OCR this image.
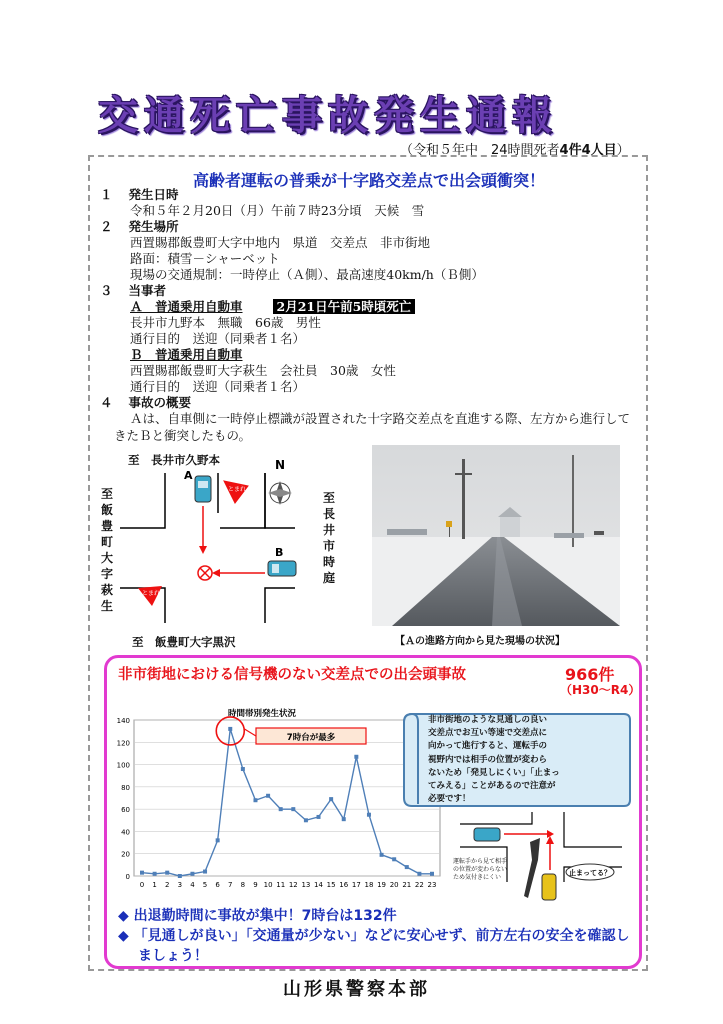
交通死亡事故発生通報
（令和５年中　24時間死者4件4人目）
高齢者運転の普乗が十字路交差点で出会頭衝突！
１ 発生日時
令和５年２月20日（月）午前７時23分頃　天候　雪
２ 発生場所
西置賜郡飯豊町大字中地内　県道　交差点　非市街地
路面：積雪－シャーベット
現場の交通規制：一時停止（Ａ側）、最高速度40km/h（Ｂ側）
３ 当事者
Ａ　普通乗用自動車	2月21日午前5時頃死亡
長井市九野本　無職　66歳　男性
通行目的　送迎（同乗者１名）
Ｂ　普通乗用自動車
西置賜郡飯豊町大字萩生　会社員　30歳　女性
通行目的　送迎（同乗者１名）
４ 事故の概要
Ａは、自車側に一時停止標識が設置された十字路交差点を直進する際、左方から進行してきたＢと衝突したもの。
とまれ
とまれ
N
A
B
至　長井市久野本
至　飯豊町大字黒沢
至飯豊町大字萩生
至長井市時庭
【Ａの進路方向から見た現場の状況】
非市街地における信号機のない交差点での出会頭事故	966件
（H30～R4）
0
20
40
60
80
100
120
140
0 1 2 3 4 5 6 7 8 9 10 11 12 13 14 15 16 17 18 19 20 21 22 23
時間帯別発生状況
7時台が最多
非市街地のような見通しの良い
交差点でお互い等速で交差点に
向かって進行すると、運転手の
視野内では相手の位置が変わら
ないため「発見しにくい」「止まっ
てみえる」ことがあるので注意が
必要です！
止まってる？
運転手から見て相手
の位置が変わらない
ため気付きにくい
◆ 出退勤時間に事故が集中！7時台は132件
◆ 「見通しが良い」「交通量が少ない」などに安心せず、前方左右の安全を確認しましょう！
山形県警察本部
